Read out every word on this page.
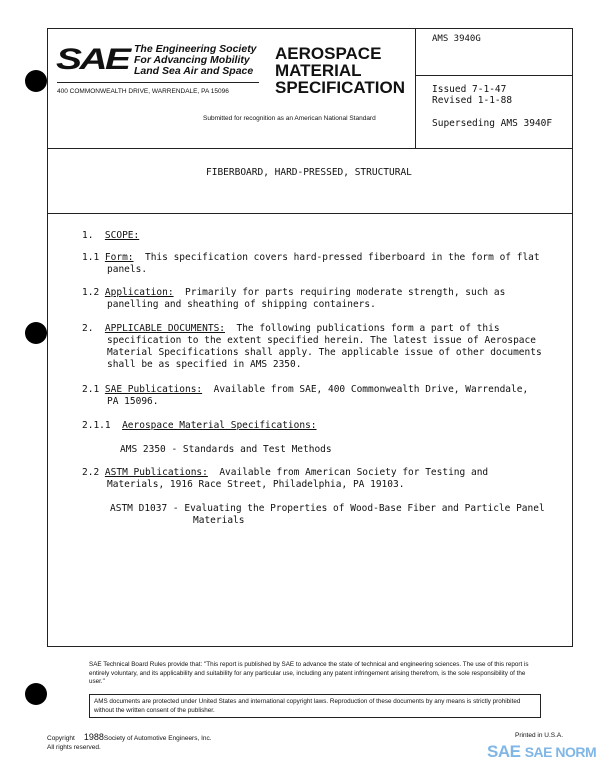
SAE The Engineering Society
For Advancing Mobility
Land Sea Air and Space
400 COMMONWEALTH DRIVE, WARRENDALE, PA 15096
AEROSPACE
MATERIAL
SPECIFICATION
Submitted for recognition as an American National Standard
AMS 3940G
Issued 7-1-47
Revised 1-1-88
Superseding AMS 3940F
FIBERBOARD, HARD-PRESSED, STRUCTURAL

1. SCOPE:

1.1 Form: This specification covers hard-pressed fiberboard in the form of flat

panels.

1.2 Application: Primarily for parts requiring moderate strength, such as

panelling and sheathing of shipping containers.

2. APPLICABLE DOCUMENTS: The following publications form a part of this

specification to the extent specified herein. The latest issue of Aerospace

Material Specifications shall apply. The applicable issue of other documents

shall be as specified in AMS 2350.

2.1 SAE Publications: Available from SAE, 400 Commonwealth Drive, Warrendale,

PA 15096.

2.1.1 Aerospace Material Specifications:

AMS 2350 - Standards and Test Methods

2.2 ASTM Publications: Available from American Society for Testing and

Materials, 1916 Race Street, Philadelphia, PA 19103.

ASTM D1037 - Evaluating the Properties of Wood-Base Fiber and Particle Panel

Materials

SAE Technical Board Rules provide that: "This report is published by SAE to advance the state of technical and engineering sciences. The use of this report is entirely voluntary, and its applicability and suitability for any particular use, including any patent infringement arising therefrom, is the sole responsibility of the user."
AMS documents are protected under United States and international copyright laws. Reproduction of these documents by any means is strictly prohibited without the written consent of the publisher.
Copyright 1988Society of Automotive Engineers, Inc.
All rights reserved.
Printed in U.S.A.
SAE SAE NORM
